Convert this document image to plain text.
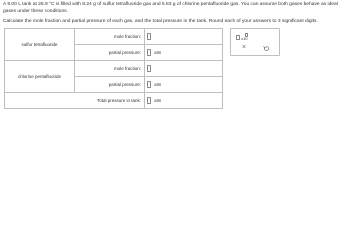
A 9.00 L tank at 28.9 °C is filled with 8.24 g of sulfur tetrafluoride gas and 5.83 g of chlorine pentafluoride gas. You can assume both gases behave as ideal gases under these conditions.
Calculate the mole fraction and partial pressure of each gas, and the total pressure in the tank. Round each of your answers to 3 significant digits.
sulfur tetrafluoride	mole fraction:	
	partial pressure:	atm
chlorine pentafluoride	mole fraction:	
	partial pressure:	atm
Total pressure in tank:		atm
x10
×
